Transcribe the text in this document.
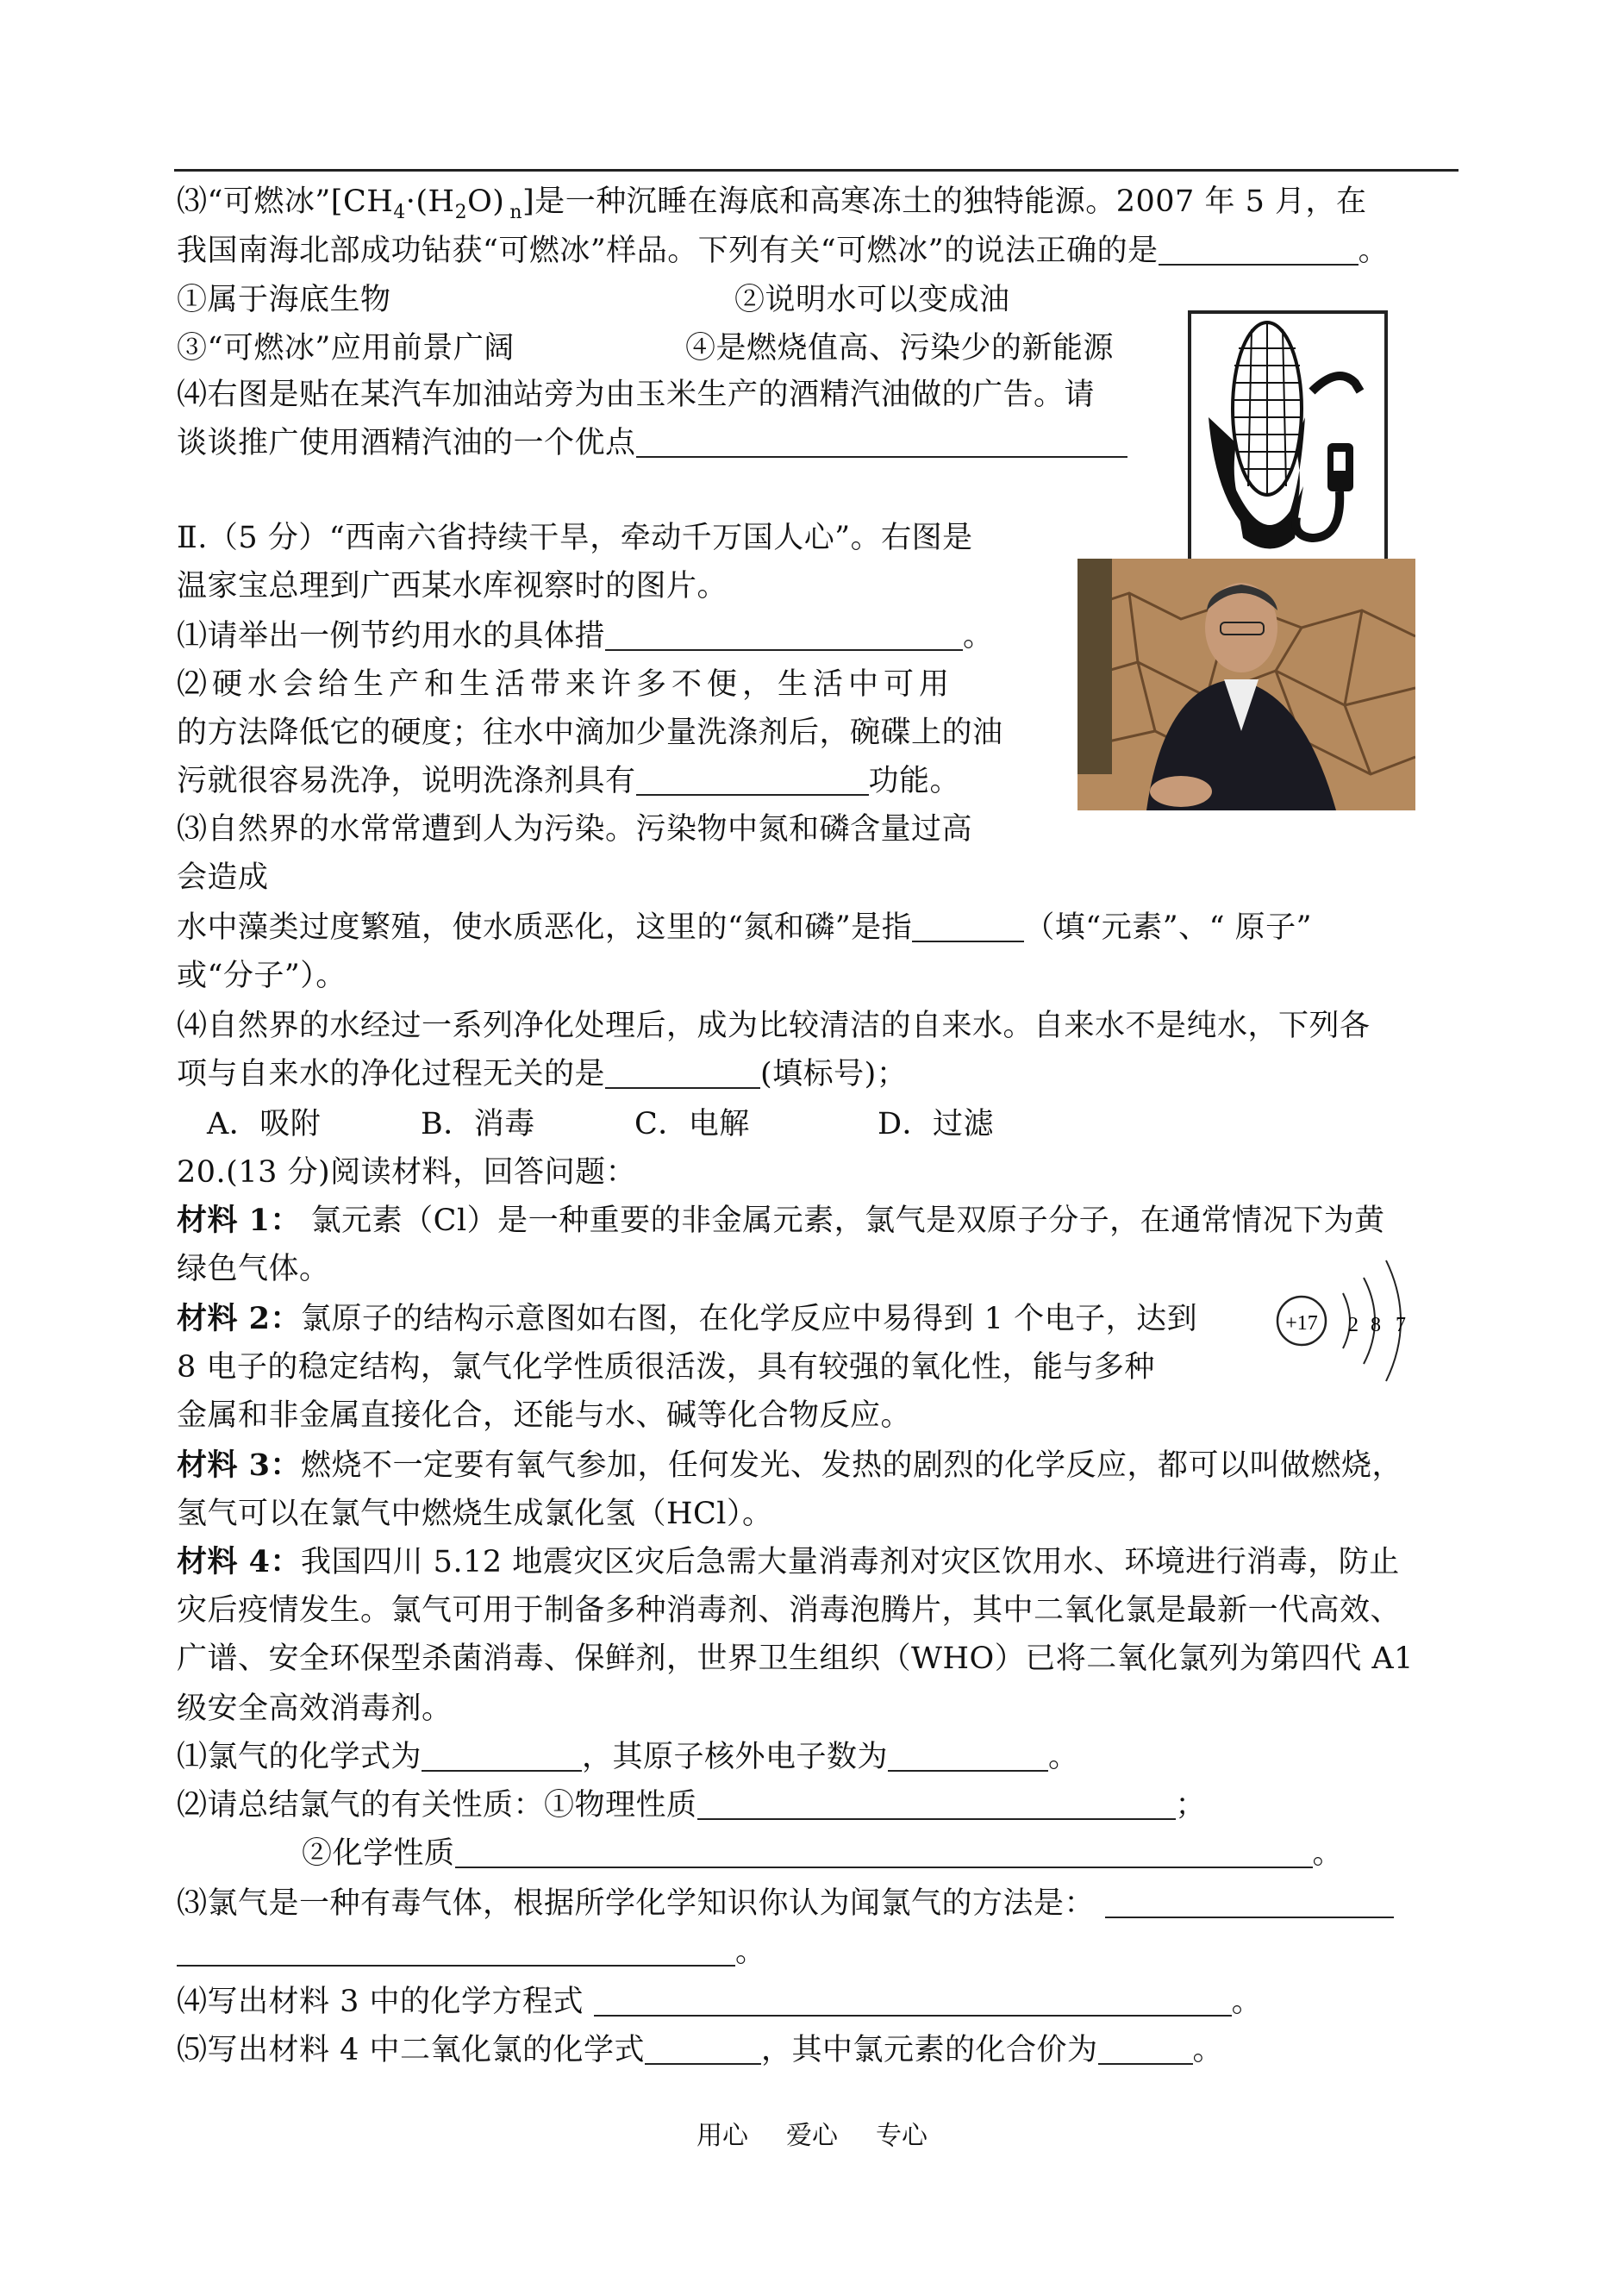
⑶“可燃冰$”[CH_4\cdot(H_2O)$ $_n$]是一种沉睡在海底和高寒冻土的独特能源。2007 年 5 月，在
我国南海北部成功钻获“可燃冰”样品。下列有关“可燃冰”的说法正确的是	。
①属于海底生物	②说明水可以变成油
③“可燃冰”应用前景广阔	④是燃烧值高、污染少的新能源
⑷右图是贴在某汽车加油站旁为由玉米生产的酒精汽油做的广告。请
谈谈推广使用酒精汽油的一个优点
Ⅱ.（5 分）“西南六省持续干旱，牵动千万国人心”。右图是
温家宝总理到广西某水库视察时的图片。
⑴请举出一例节约用水的具体措	。
⑵硬水会给生产和生活带来许多不便，生活中可用
的方法降低它的硬度；往水中滴加少量洗涤剂后，碗碟上的油
污就很容易洗净，说明洗涤剂具有	功能。
⑶自然界的水常常遭到人为污染。污染物中氮和磷含量过高
会造成
水中藻类过度繁殖，使水质恶化，这里的“氮和磷”是指	（填“元素”、“ 原子”
或“分子”）。
⑷自然界的水经过一系列净化处理后，成为比较清洁的自来水。自来水不是纯水，下列各
项与自来水的净化过程无关的是	(填标号)；
A．吸附	B．消毒	C．电解	D．过滤
20.(13 分)阅读材料，回答问题：
材料 1： 氯元素（Cl）是一种重要的非金属元素，氯气是双原子分子，在通常情况下为黄
绿色气体。
材料 2：氯原子的结构示意图如右图，在化学反应中易得到 1 个电子，达到
8 电子的稳定结构，氯气化学性质很活泼，具有较强的氧化性，能与多种
金属和非金属直接化合，还能与水、碱等化合物反应。
+17 2 8 7
材料 3：燃烧不一定要有氧气参加，任何发光、发热的剧烈的化学反应，都可以叫做燃烧，
氢气可以在氯气中燃烧生成氯化氢（HCl）。
材料 4：我国四川 5.12 地震灾区灾后急需大量消毒剂对灾区饮用水、环境进行消毒，防止
灾后疫情发生。氯气可用于制备多种消毒剂、消毒泡腾片，其中二氧化氯是最新一代高效、
广谱、安全环保型杀菌消毒、保鲜剂，世界卫生组织（WHO）已将二氧化氯列为第四代 A1
级安全高效消毒剂。
⑴氯气的化学式为	，其原子核外电子数为	。
⑵请总结氯气的有关性质：①物理性质	；
②化学性质	。
⑶氯气是一种有毒气体，根据所学化学知识你认为闻氯气的方法是：
。
⑷写出材料 3 中的化学方程式	。
⑸写出材料 4 中二氧化氯的化学式	，其中氯元素的化合价为	。
用心 爱心 专心
